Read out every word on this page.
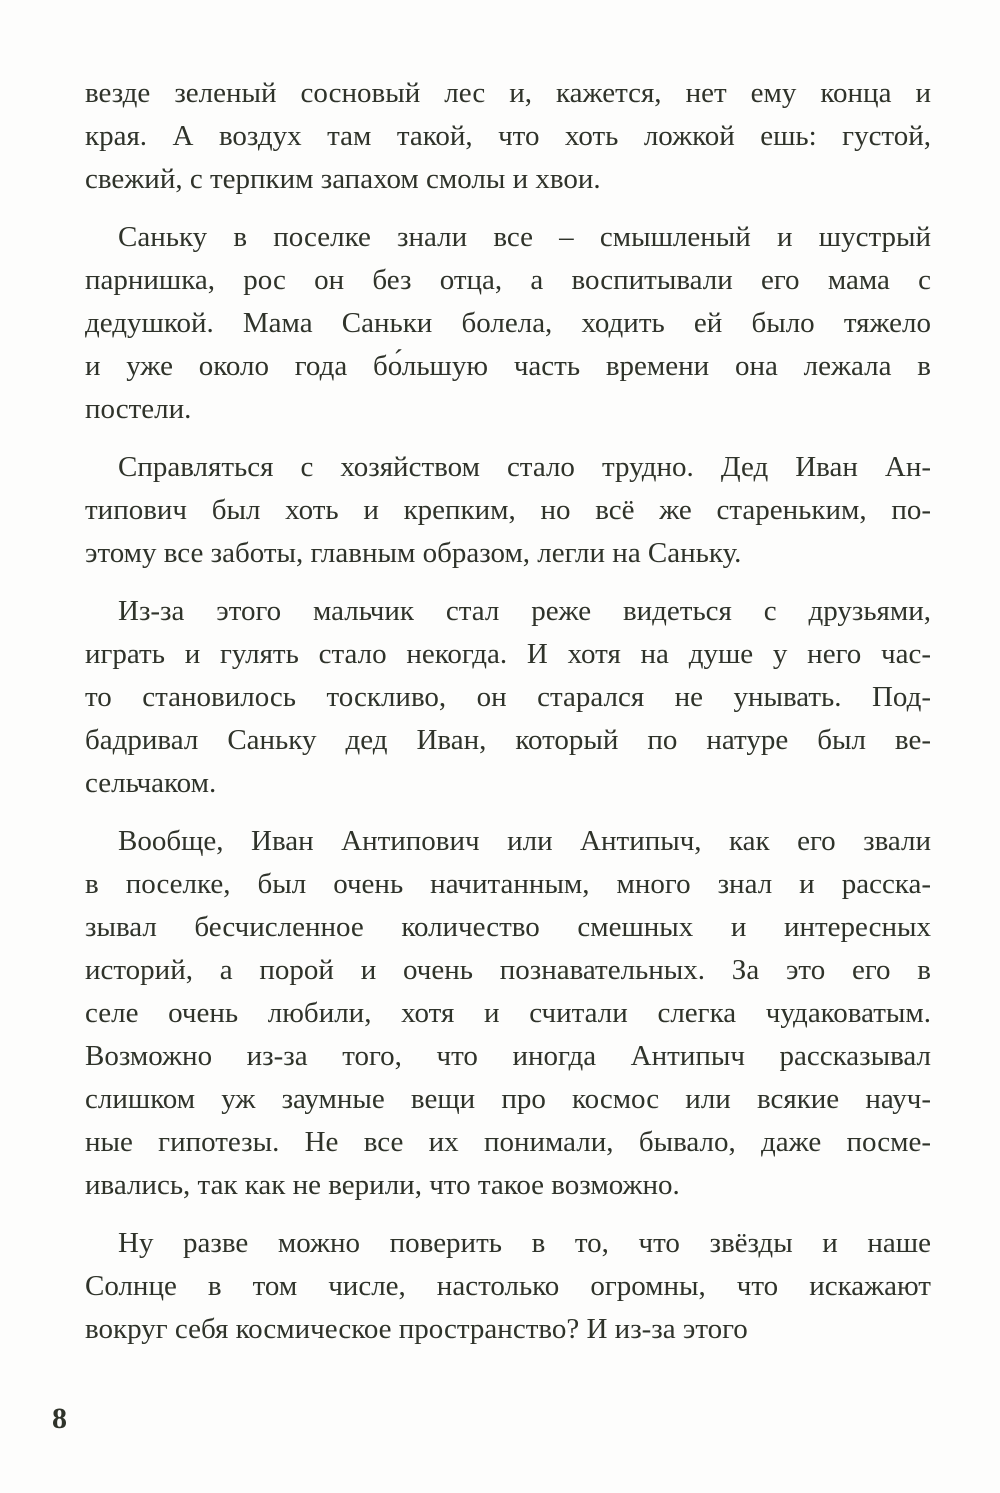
везде зеленый сосновый лес и, кажется, нет ему конца и
края. А воздух там такой, что хоть ложкой ешь: густой,
свежий, с терпким запахом смолы и хвои.

Саньку в поселке знали все – смышленый и шустрый
парнишка, рос он без отца, а воспитывали его мама с
дедушкой. Мама Саньки болела, ходить ей было тяжело
и уже около года бо́льшую часть времени она лежала в
постели.

Справляться с хозяйством стало трудно. Дед Иван Ан-
типович был хоть и крепким, но всё же стареньким, по-
этому все заботы, главным образом, легли на Саньку.

Из-за этого мальчик стал реже видеться с друзьями,
играть и гулять стало некогда. И хотя на душе у него час-
то становилось тоскливо, он старался не унывать. Под-
бадривал Саньку дед Иван, который по натуре был ве-
сельчаком.

Вообще, Иван Антипович или Антипыч, как его звали
в поселке, был очень начитанным, много знал и расска-
зывал бесчисленное количество смешных и интересных
историй, а порой и очень познавательных. За это его в
селе очень любили, хотя и считали слегка чудаковатым.
Возможно из-за того, что иногда Антипыч рассказывал
слишком уж заумные вещи про космос или всякие науч-
ные гипотезы. Не все их понимали, бывало, даже посме-
ивались, так как не верили, что такое возможно.

Ну разве можно поверить в то, что звёзды и наше
Солнце в том числе, настолько огромны, что искажают
вокруг себя космическое пространство? И из-за этого

8
